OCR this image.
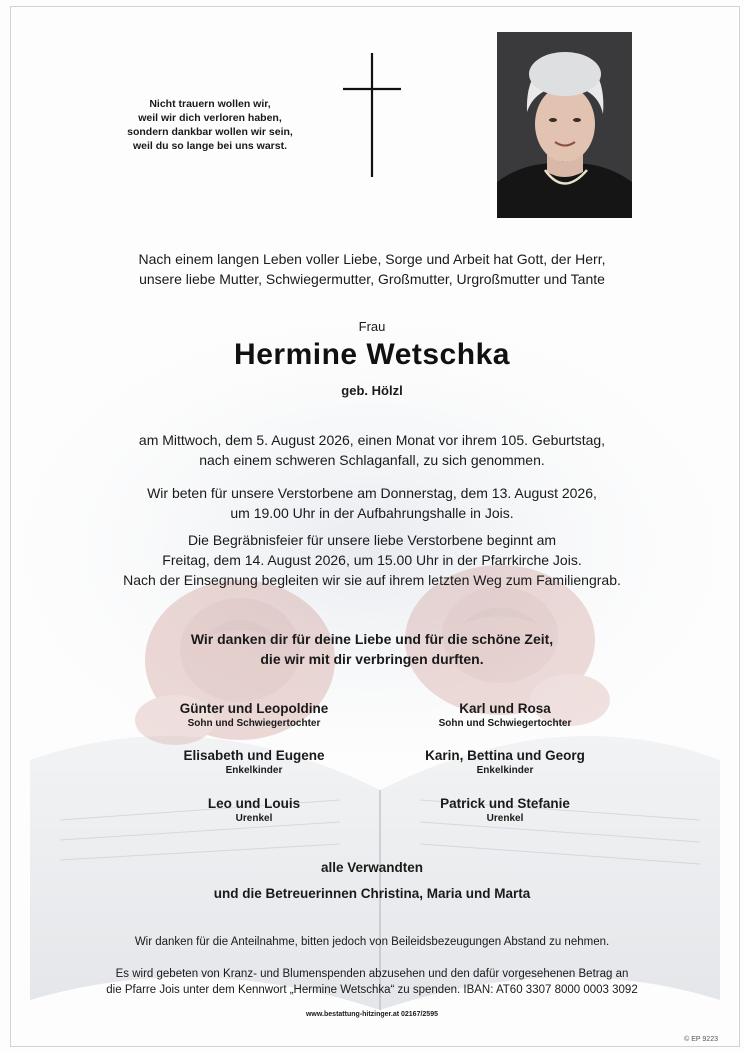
Nicht trauern wollen wir,
weil wir dich verloren haben,
sondern dankbar wollen wir sein,
weil du so lange bei uns warst.
Nach einem langen Leben voller Liebe, Sorge und Arbeit hat Gott, der Herr,
unsere liebe Mutter, Schwiegermutter, Großmutter, Urgroßmutter und Tante
Frau
Hermine Wetschka
geb. Hölzl
am Mittwoch, dem 5. August 2026, einen Monat vor ihrem 105. Geburtstag,
nach einem schweren Schlaganfall, zu sich genommen.
Wir beten für unsere Verstorbene am Donnerstag, dem 13. August 2026,
um 19.00 Uhr in der Aufbahrungshalle in Jois.
Die Begräbnisfeier für unsere liebe Verstorbene beginnt am
Freitag, dem 14. August 2026, um 15.00 Uhr in der Pfarrkirche Jois.
Nach der Einsegnung begleiten wir sie auf ihrem letzten Weg zum Familiengrab.
Wir danken dir für deine Liebe und für die schöne Zeit,
die wir mit dir verbringen durften.
Günter und Leopoldine
Sohn und Schwiegertochter
Karl und Rosa
Sohn und Schwiegertochter
Elisabeth und Eugene
Enkelkinder
Karin, Bettina und Georg
Enkelkinder
Leo und Louis
Urenkel
Patrick und Stefanie
Urenkel
alle Verwandten
und die Betreuerinnen Christina, Maria und Marta
Wir danken für die Anteilnahme, bitten jedoch von Beileidsbezeugungen Abstand zu nehmen.
Es wird gebeten von Kranz- und Blumenspenden abzusehen und den dafür vorgesehenen Betrag an
die Pfarre Jois unter dem Kennwort „Hermine Wetschka“ zu spenden. IBAN: AT60 3307 8000 0003 3092
www.bestattung-hitzinger.at 02167/2595
© EP 9223
